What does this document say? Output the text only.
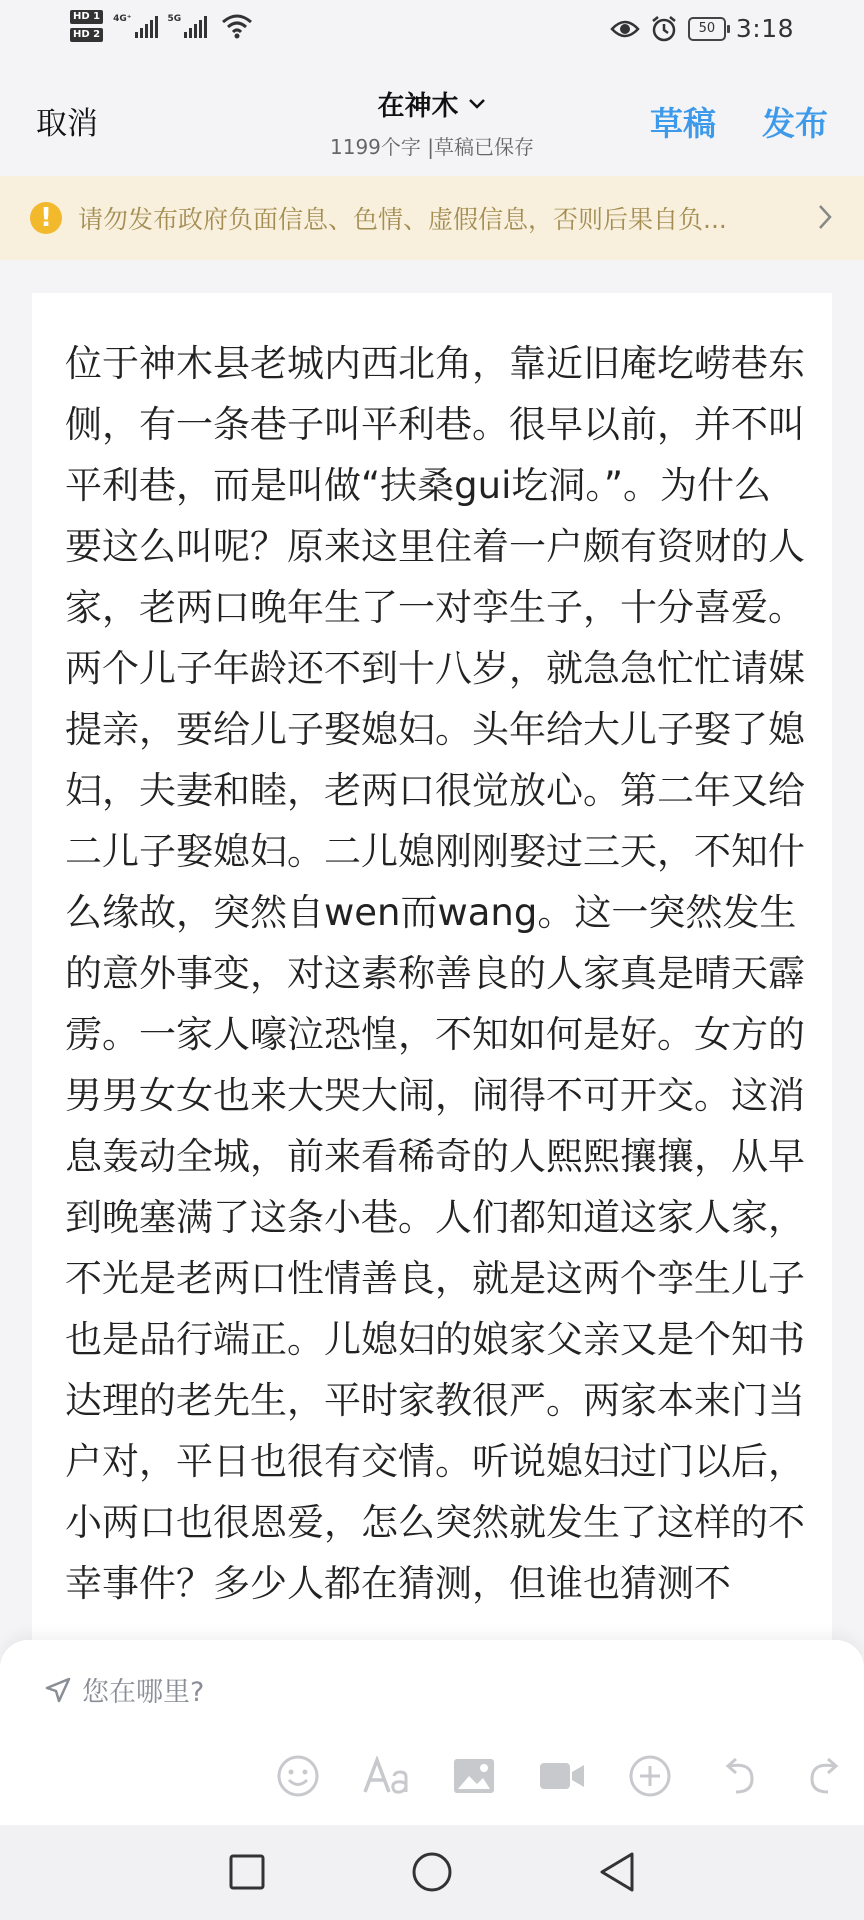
HD 1
HD 2
4G⁺	5G
50 3:18
取消	在神木
1199个字 |草稿已保存
草稿 发布
!	请勿发布政府负面信息、色情、虚假信息，否则后果自负...

位于神木县老城内西北角，靠近旧庵圪崂巷东侧，有一条巷子叫平利巷。很早以前，并不叫平利巷，而是叫做“扶桑gui圪洞。”。为什么要这么叫呢？原来这里住着一户颇有资财的人家，老两口晚年生了一对孪生子，十分喜爱。两个儿子年龄还不到十八岁，就急急忙忙请媒提亲，要给儿子娶媳妇。头年给大儿子娶了媳妇，夫妻和睦，老两口很觉放心。第二年又给二儿子娶媳妇。二儿媳刚刚娶过三天，不知什么缘故，突然自wen而wang。这一突然发生的意外事变，对这素称善良的人家真是晴天霹雳。一家人嚎泣恐惶，不知如何是好。女方的男男女女也来大哭大闹，闹得不可开交。这消息轰动全城，前来看稀奇的人熙熙攘攘，从早到晚塞满了这条小巷。人们都知道这家人家，不光是老两口性情善良，就是这两个孪生儿子也是品行端正。儿媳妇的娘家父亲又是个知书达理的老先生，平时家教很严。两家本来门当户对，平日也很有交情。听说媳妇过门以后，小两口也很恩爱，怎么突然就发生了这样的不幸事件？多少人都在猜测，但谁也猜测不

您在哪里?
